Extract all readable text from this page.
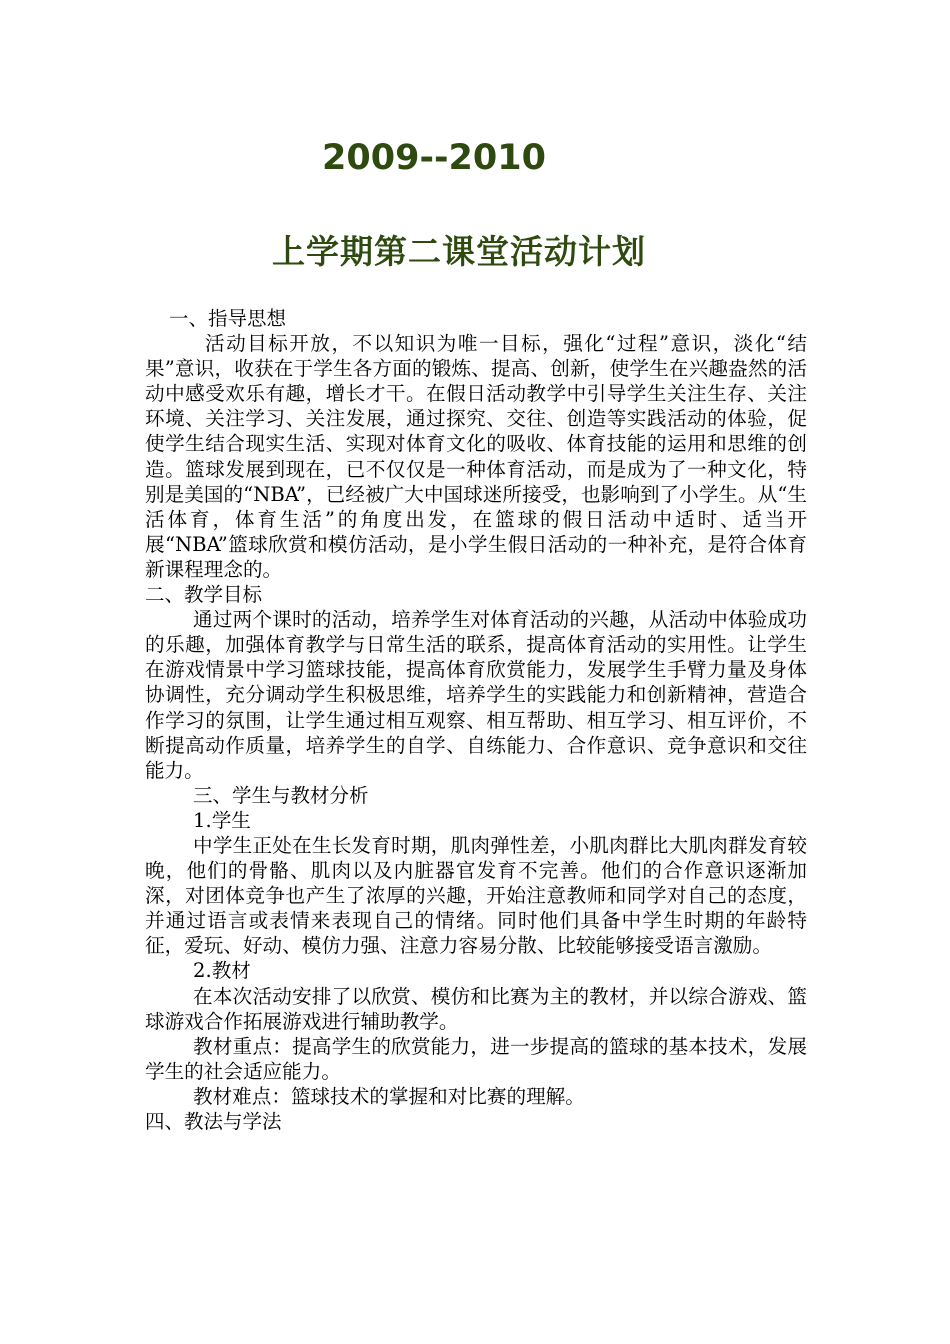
2009--2010
上学期第二课堂活动计划
一、指导思想

活动目标开放，不以知识为唯一目标，强化“过程”意识，淡化“结果”意识，收获在于学生各方面的锻炼、提高、创新，使学生在兴趣盎然的活动中感受欢乐有趣，增长才干。在假日活动教学中引导学生关注生存、关注环境、关注学习、关注发展，通过探究、交往、创造等实践活动的体验，促使学生结合现实生活、实现对体育文化的吸收、体育技能的运用和思维的创造。篮球发展到现在，已不仅仅是一种体育活动，而是成为了一种文化，特别是美国的“NBA”，已经被广大中国球迷所接受，也影响到了小学生。从“生活体育，体育生活”的角度出发，在篮球的假日活动中适时、适当开展“NBA”篮球欣赏和模仿活动，是小学生假日活动的一种补充，是符合体育新课程理念的。

二、教学目标

通过两个课时的活动，培养学生对体育活动的兴趣，从活动中体验成功的乐趣，加强体育教学与日常生活的联系，提高体育活动的实用性。让学生在游戏情景中学习篮球技能，提高体育欣赏能力，发展学生手臂力量及身体协调性，充分调动学生积极思维，培养学生的实践能力和创新精神，营造合作学习的氛围，让学生通过相互观察、相互帮助、相互学习、相互评价，不断提高动作质量，培养学生的自学、自练能力、合作意识、竞争意识和交往能力。

三、学生与教材分析

1.学生

中学生正处在生长发育时期，肌肉弹性差，小肌肉群比大肌肉群发育较晚，他们的骨骼、肌肉以及内脏器官发育不完善。他们的合作意识逐渐加深，对团体竞争也产生了浓厚的兴趣，开始注意教师和同学对自己的态度，并通过语言或表情来表现自己的情绪。同时他们具备中学生时期的年龄特征，爱玩、好动、模仿力强、注意力容易分散、比较能够接受语言激励。

2.教材

在本次活动安排了以欣赏、模仿和比赛为主的教材，并以综合游戏、篮球游戏合作拓展游戏进行辅助教学。

教材重点：提高学生的欣赏能力，进一步提高的篮球的基本技术，发展学生的社会适应能力。

教材难点：篮球技术的掌握和对比赛的理解。

四、教法与学法
